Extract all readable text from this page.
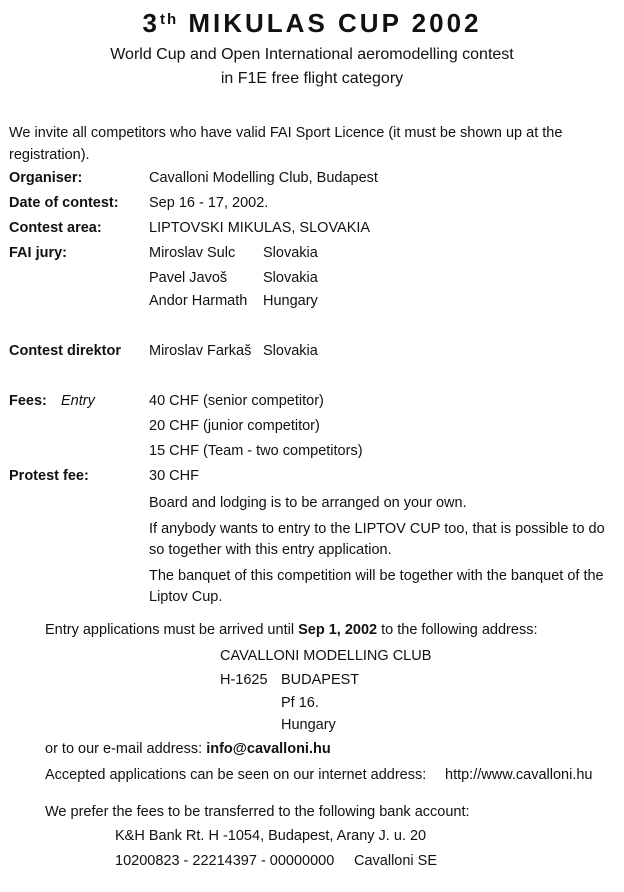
3th MIKULAS CUP 2002
World Cup and Open International aeromodelling contest
in F1E free flight category
We invite all competitors who have valid FAI Sport Licence (it must be shown up at the registration).
Organiser:	Cavalloni Modelling Club, Budapest
Date of contest: Sep 16 - 17, 2002.
Contest area:	LIPTOVSKI MIKULAS, SLOVAKIA
FAI jury:	Miroslav Sulc Slovakia
Pavel Javoš Slovakia
Andor Harmath Hungary
Contest direktor Miroslav Farkaš Slovakia
Fees: Entry	40 CHF (senior competitor)
20 CHF (junior competitor)
15 CHF (Team - two competitors)
Protest fee:	30 CHF
Board and lodging is to be arranged on your own.
If anybody wants to entry to the LIPTOV CUP too, that is possible to do so together with this entry application.
The banquet of this competition will be together with the banquet of the Liptov Cup.
Entry applications must be arrived until Sep 1, 2002 to the following address:
CAVALLONI MODELLING CLUB
H-1625 BUDAPEST
Pf 16.
Hungary
or to our e-mail address: info@cavalloni.hu
Accepted applications can be seen on our internet address: http://www.cavalloni.hu
We prefer the fees to be transferred to the following bank account:
K&H Bank Rt. H -1054, Budapest, Arany J. u. 20
10200823 - 22214397 - 00000000 Cavalloni SE
